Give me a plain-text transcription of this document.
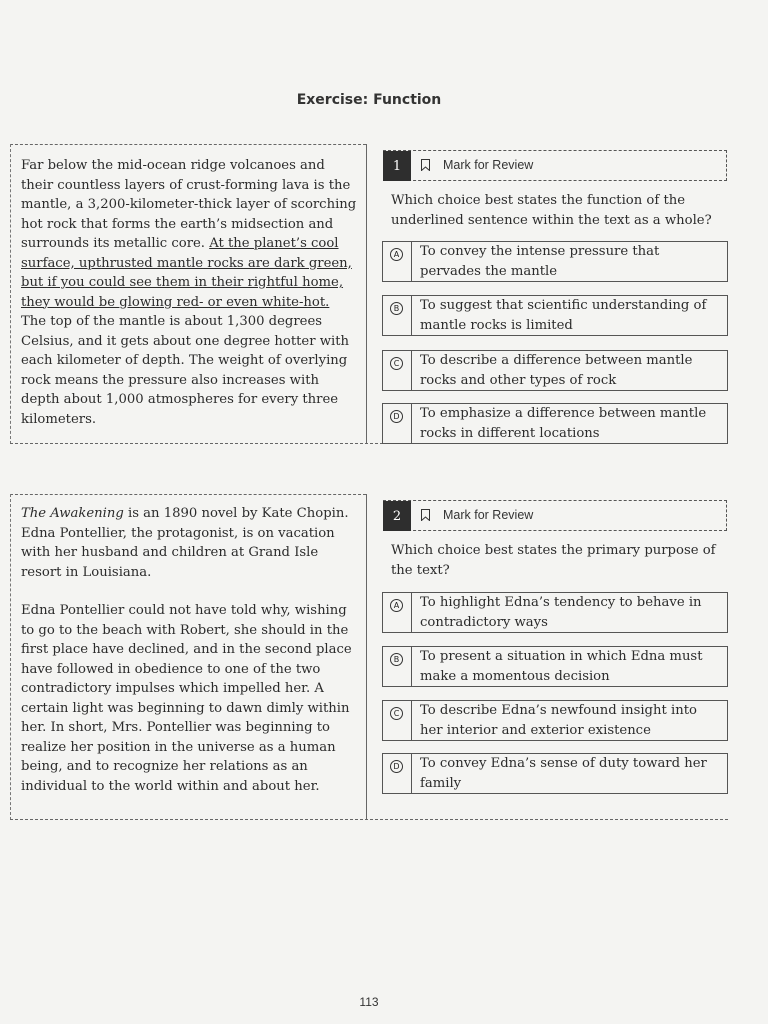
Exercise: Function

Far below the mid-ocean ridge volcanoes and their countless layers of crust-forming lava is the mantle, a 3,200-kilometer-thick layer of scorching hot rock that forms the earth’s midsection and surrounds its metallic core. At the planet’s cool surface, upthrusted mantle rocks are dark green, but if you could see them in their rightful home, they would be glowing red- or even white-hot. The top of the mantle is about 1,300 degrees Celsius, and it gets about one degree hotter with each kilometer of depth. The weight of overlying rock means the pressure also increases with depth about 1,000 atmospheres for every three kilometers.

1	Mark for Review
Which choice best states the function of the underlined sentence within the text as a whole?
A To convey the intense pressure that pervades the mantle
B To suggest that scientific understanding of mantle rocks is limited
C To describe a difference between mantle rocks and other types of rock
D To emphasize a difference between mantle rocks in different locations

The Awakening is an 1890 novel by Kate Chopin. Edna Pontellier, the protagonist, is on vacation with her husband and children at Grand Isle resort in Louisiana.

Edna Pontellier could not have told why, wishing to go to the beach with Robert, she should in the first place have declined, and in the second place have followed in obedience to one of the two contradictory impulses which impelled her. A certain light was beginning to dawn dimly within her. In short, Mrs. Pontellier was beginning to realize her position in the universe as a human being, and to recognize her relations as an individual to the world within and about her.

2	Mark for Review
Which choice best states the primary purpose of the text?
A To highlight Edna’s tendency to behave in contradictory ways
B To present a situation in which Edna must make a momentous decision
C To describe Edna’s newfound insight into her interior and exterior existence
D To convey Edna’s sense of duty toward her family
113
